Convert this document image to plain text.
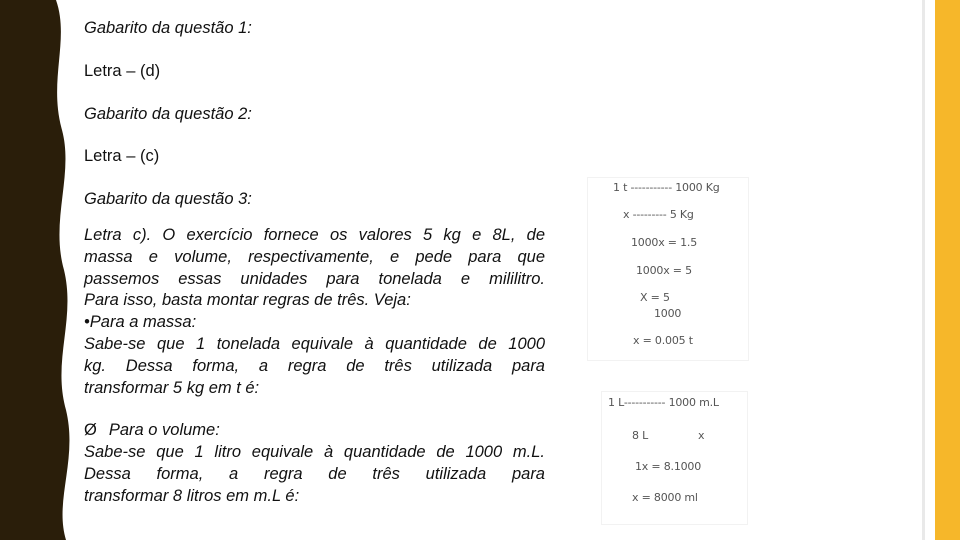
Gabarito da questão 1:

Letra – (d)

Gabarito da questão 2:

Letra – (c)

Gabarito da questão 3:

Letra c). O exercício fornece os valores 5 kg e 8L, de
massa e volume, respectivamente, e pede para que
passemos essas unidades para tonelada e mililitro.
Para isso, basta montar regras de três. Veja:
•Para a massa:
Sabe-se que 1 tonelada equivale à quantidade de 1000
kg. Dessa forma, a regra de três utilizada para
transformar 5 kg em t é:
Ø Para o volume:
Sabe-se que 1 litro equivale à quantidade de 1000 m.L.
Dessa forma, a regra de três utilizada para
transformar 8 litros em m.L é:
1 t ----------- 1000 Kg
x --------- 5 Kg
1000x = 1.5
1000x = 5
X = 5
1000
x = 0.005 t
1 L----------- 1000 m.L
8 L	x
1x = 8.1000
x = 8000 ml
